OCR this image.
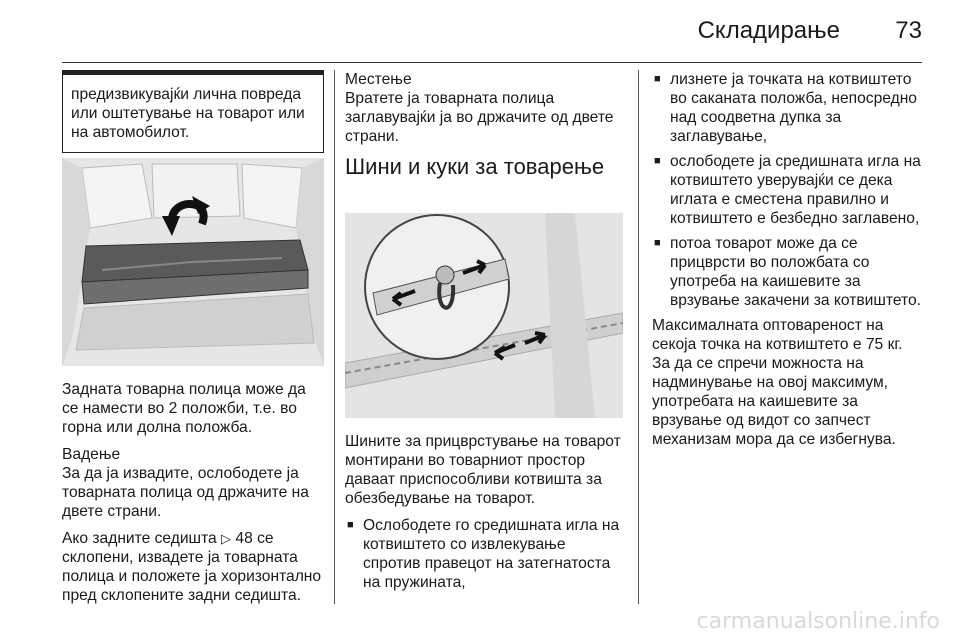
Складирање 73
предизвикувајќи лична повреда или оштетување на товарот или на автомобилот.

Задната товарна полица може да се намести во 2 положби, т.е. во горна или долна положба.

Вадење

За да ја извадите, ослободете ја товарната полица од држачите на двете страни.

Ако задните седишта ▷ 48 се склопени, извадете ја товарната полица и положете ја хоризонтално пред склопените задни седишта.

Местење

Вратете ја товарната полица заглавувајќи ја во држачите од двете страни.

Шини и куки за товарење

Шините за прицврстување на товарот монтирани во товарниот простор даваат приспособливи котвишта за обезбедување на товарот.

■ Ослободете го средишната игла на котвиштето со извлекување спротив правецот на затегнатоста на пружината,
■ лизнете ја точката на котвиштето во саканата положба, непосредно над соодветна дупка за заглавување,
■ ослободете ја средишната игла на котвиштето уверувајќи се дека иглата е сместена правилно и котвиштето е безбедно заглавено,
■ потоа товарот може да се прицврсти во положбата со употреба на каишевите за врзување закачени за котвиштето.

Максималната оптовареност на секоја точка на котвиштето е 75 кг. За да се спречи можноста на надминување на овој максимум, употребата на каишевите за врзување од видот со запчест механизам мора да се избегнува.

carmanualsonline.info
